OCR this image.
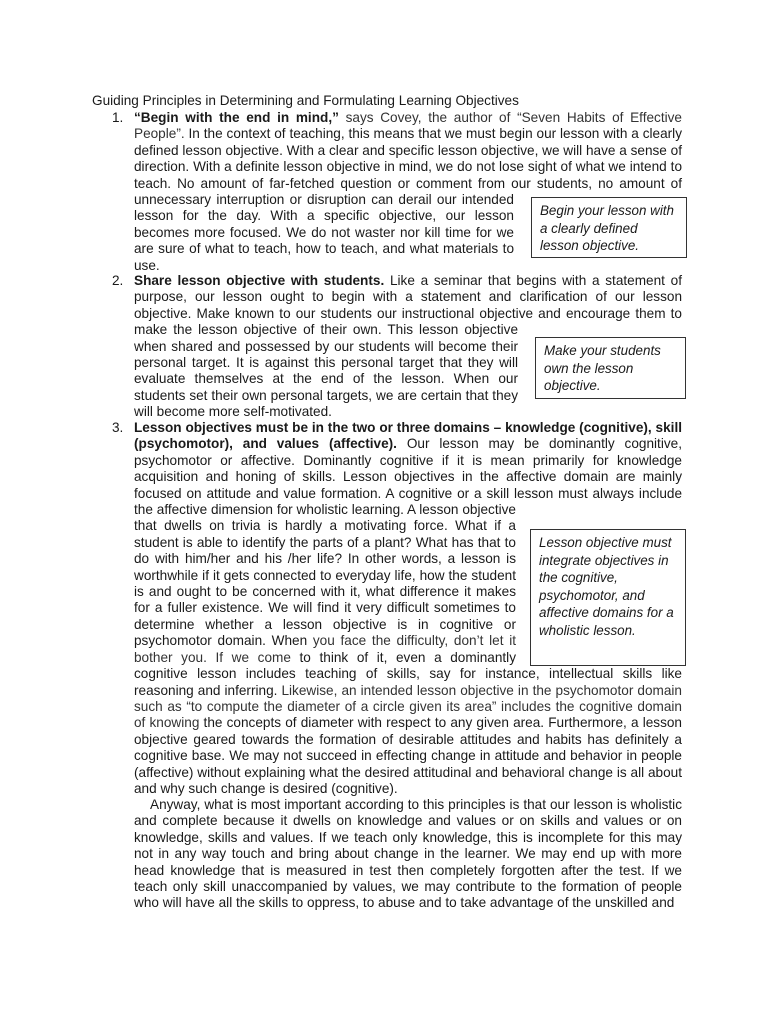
Guiding Principles in Determining and Formulating Learning Objectives
1. “Begin with the end in mind,” says Covey, the author of “Seven Habits of Effective People”. In the context of teaching, this means that we must begin our lesson with a clearly defined lesson objective. With a clear and specific lesson objective, we will have a sense of direction. With a definite lesson objective in mind, we do not lose sight of what we intend to teach. No amount of far-fetched question or comment from our students, no amount of unnecessary interruption or disruption can derail our intended lesson for the day. With a specific objective, our lesson becomes more focused. We do not waster nor kill time for we are sure of what to teach, how to teach, and what materials to use.
Begin your lesson with a clearly defined lesson objective.
2. Share lesson objective with students. Like a seminar that begins with a statement of purpose, our lesson ought to begin with a statement and clarification of our lesson objective. Make known to our students our instructional objective and encourage them to make the lesson objective of their own. This lesson objective when shared and possessed by our students will become their personal target. It is against this personal target that they will evaluate themselves at the end of the lesson. When our students set their own personal targets, we are certain that they will become more self-motivated.
Make your students own the lesson objective.
3. Lesson objectives must be in the two or three domains – knowledge (cognitive), skill (psychomotor), and values (affective). Our lesson may be dominantly cognitive, psychomotor or affective. Dominantly cognitive if it is mean primarily for knowledge acquisition and honing of skills. Lesson objectives in the affective domain are mainly focused on attitude and value formation. A cognitive or a skill lesson must always include the affective dimension for wholistic learning. A lesson objective that dwells on trivia is hardly a motivating force. What if a student is able to identify the parts of a plant? What has that to do with him/her and his /her life? In other words, a lesson is worthwhile if it gets connected to everyday life, how the student is and ought to be concerned with it, what difference it makes for a fuller existence. We will find it very difficult sometimes to determine whether a lesson objective is in cognitive or psychomotor domain. When you face the difficulty, don’t let it bother you. If we come to think of it, even a dominantly cognitive lesson includes teaching of skills, say for instance, intellectual skills like reasoning and inferring. Likewise, an intended lesson objective in the psychomotor domain such as “to compute the diameter of a circle given its area” includes the cognitive domain of knowing the concepts of diameter with respect to any given area. Furthermore, a lesson objective geared towards the formation of desirable attitudes and habits has definitely a cognitive base. We may not succeed in effecting change in attitude and behavior in people (affective) without explaining what the desired attitudinal and behavioral change is all about and why such change is desired (cognitive).
Lesson objective must integrate objectives in the cognitive, psychomotor, and affective domains for a wholistic lesson.
Anyway, what is most important according to this principles is that our lesson is wholistic and complete because it dwells on knowledge and values or on skills and values or on knowledge, skills and values. If we teach only knowledge, this is incomplete for this may not in any way touch and bring about change in the learner. We may end up with more head knowledge that is measured in test then completely forgotten after the test. If we teach only skill unaccompanied by values, we may contribute to the formation of people who will have all the skills to oppress, to abuse and to take advantage of the unskilled and
